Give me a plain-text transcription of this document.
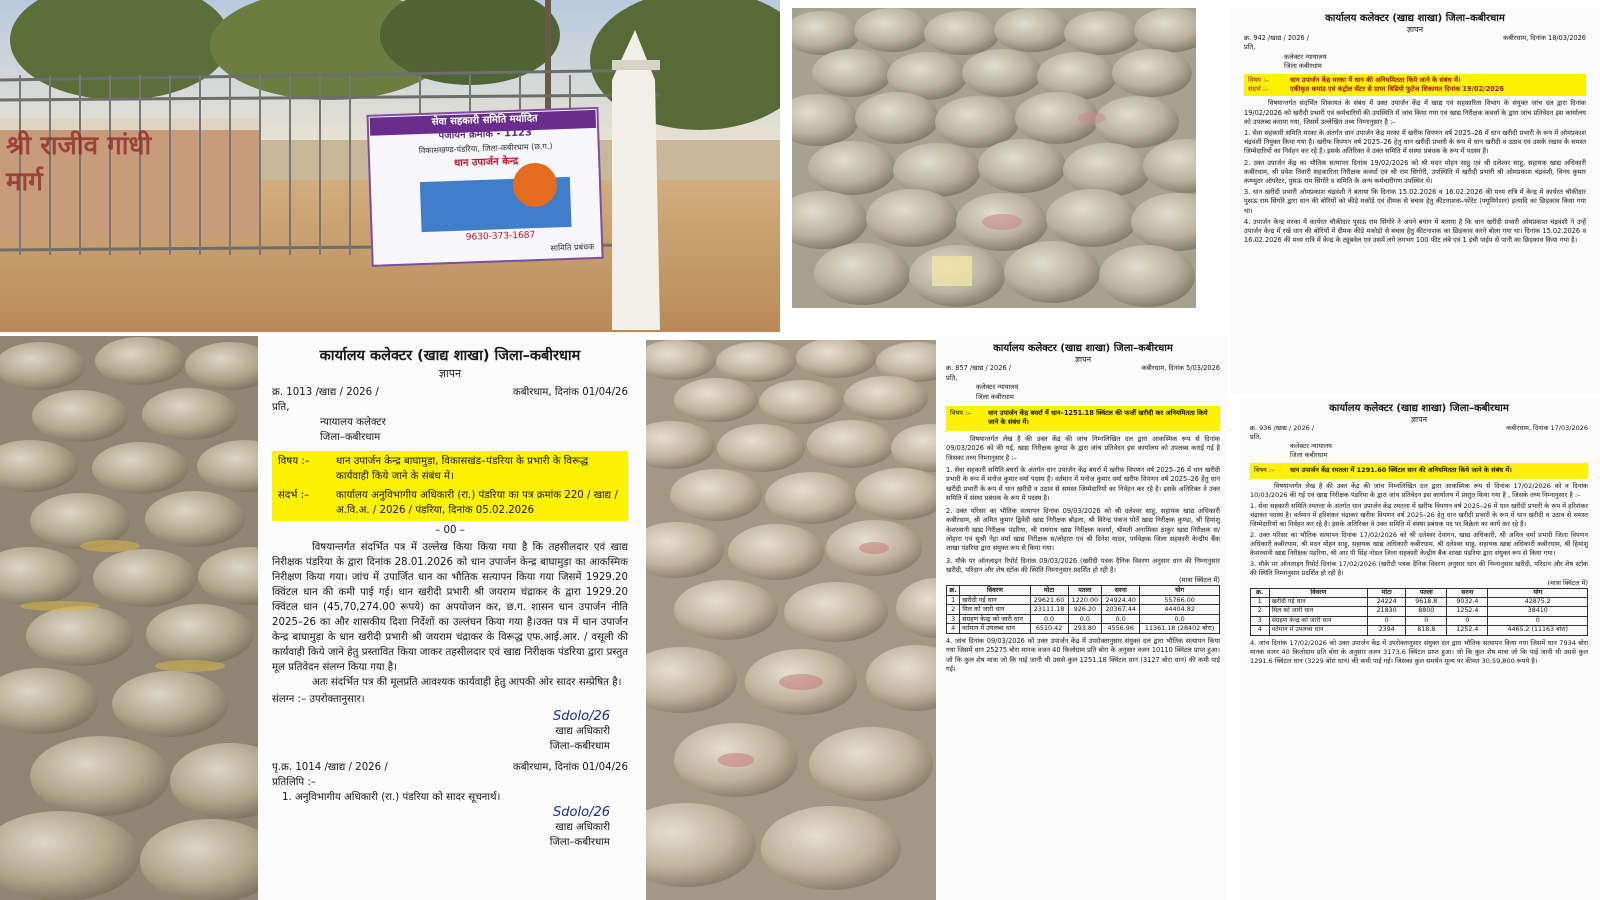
श्री राजीव गांधी
मार्ग
सेवा सहकारी समिति मर्यादित
पंजीयन क्रमांक - 1123
विकासखण्ड-पंडरिया, जिला-कबीरधाम (छ.ग.)
धान उपार्जन केन्द्र
9630-373-1687
सामिति प्रबंधक
कार्यालय कलेक्टर (खाद्य शाखा) जिला–कबीरधाम
ज्ञापन
क्र. 1013 /खाद्य / 2026 /	कबीरधाम, दिनांक 01/04/26
प्रति,
न्यायालय कलेक्टर
जिला–कबीरधाम
विषय :–	धान उपार्जन केन्द्र बाघामुड़ा, विकासखंड–पंडरिया के प्रभारी के विरूद्ध कार्यवाही किये जाने के संबंध में।
संदर्भ :–	कार्यालय अनुविभागीय अधिकारी (रा.) पंडरिया का पत्र क्रमांक 220 / खाद्य / अ.वि.अ. / 2026 / पंडरिया, दिनांक 05.02.2026
– 00 –

विषयान्तर्गत संदर्भित पत्र में उल्लेख किया किया गया है कि तहसीलदार एवं खाद्य निरीक्षक पंडरिया के द्वारा दिनांक 28.01.2026 को धान उपार्जन केन्द्र बाघामुड़ा का आकस्मिक निरीक्षण किया गया। जांच में उपार्जित धान का भौतिक सत्यापन किया गया जिसमें 1929.20 क्विंटल धान की कमी पाई गई। धान खरीदी प्रभारी श्री जयराम चंद्राकर के द्वारा 1929.20 क्विंटल धान (45,70,274.00 रूपये) का अपयोजन कर, छ.ग. शासन धान उपार्जन नीति 2025–26 का और शासकीय दिशा निर्देशों का उल्लंघन किया गया है।उक्त पत्र में धान उपार्जन केन्द्र बाघामुड़ा के धान खरीदी प्रभारी श्री जयराम चंद्राकर के विरूद्ध एफ.आई.आर. / वसूली की कार्यवाही किये जाने हेतु प्रस्तावित किया जाकर तहसीलदार एवं खाद्य निरीक्षक पंडरिया द्वारा प्रस्तुत मूल प्रतिवेदन संलग्न किया गया है।

अतः संदर्भित पत्र की मूलप्रति आवश्यक कार्यवाही हेतु आपकी ओर सादर सम्प्रेषित है।

संलग्न :– उपरोक्तानुसार।
Sdolo/26
खाद्य अधिकारी
जिला–कबीरधाम
पृ.क्र. 1014 /खाद्य / 2026 /	कबीरधाम, दिनांक 01/04/26
प्रतिलिपि :–
1. अनुविभागीय अधिकारी (रा.) पंडरिया को सादर सूचनार्थ।
Sdolo/26
खाद्य अधिकारी
जिला–कबीरधाम
कार्यालय कलेक्टर (खाद्य शाखा) जिला–कबीरधाम
ज्ञापन
क्र. 857 /खाद्य / 2026 /	कबीरधाम, दिनांक 5/03/2026
प्रति,
कलेक्टर न्यायालय
जिला कबीरधाम
विषय :–	धान उपार्जन केंद्र बघर्रा में धान–1251.18 क्विंटल की फर्जी खरीदी कर अनियमितता किये जाने के संबंध में।

विषयान्तर्गत लेख है की उक्त केंद्र की जांच निम्नलिखित दल द्वारा आकस्मिक रूप से दिनांक 09/03/2026 को की गई, खाद्य निरीक्षक कुण्डा के द्वारा जांच प्रतिवेदन इस कार्यालय को उपलब्ध कराई गई है जिसका तथ्य निम्नानुसार है :–

1. सेवा सहकारी समिति बघर्रा के अंतर्गत धान उपार्जन केंद्र बघर्रा में खरीफ विपणन वर्ष 2025–26 में धान खरीदी प्रभारी के रूप में मनोज कुमार वर्मा पदस्थ है। वर्तमान में मनोज कुमार वर्मा खरीफ विपणन वर्ष 2025–26 हेतु धान खरीदी प्रभारी के रूप में धान खरीदी व उठाव से समस्त जिम्मेदारियों का निर्वहन कर रहे है। इसके अतिरिक्त वे उक्त समिति में संस्था प्रबंधक के रूप में पदस्थ है।

2. उक्त परिसर का भौतिक सत्यापन दिनांक 09/03/2026 को श्री दलेश्वर साहु, सहायक खाद्य अधिकारी कबीरधाम, श्री अमित कुमार द्विवेदी खाद्य निरीक्षक बोड़ला, श्री विरेन्द्र पंकज पोर्ते खाद्य निरीक्षक कुण्डा, श्री हिमांशु केशरवानी खाद्य निरीक्षक पंडरिया, श्री रामनाथ खाद्य निरीक्षक कवर्धा, श्रीमती अनामिका ठाकुर खाद्य निरीक्षक स/लोहारा एवं सुश्री नेहा वर्मा खाद्य निरीक्षक स/लोहारा एवं श्री दिनेश यादव, पर्यवेक्षक जिला सहकारी केन्द्रीय बैंक शाखा पंडरिया द्वारा संयुक्त रूप से किया गया।

3. मौके पर ऑनलाइन रिपोर्ट दिनांक 09/03/2026 (खरीदी पत्रक दैनिक विवरण अनुसार धान की निम्नानुसार खरीदी, परिदान और शेष स्टॉक की स्थिति निम्नानुसार प्रदर्शित हो रही है।

(मात्रा क्विंटल में)
क्र.	विवरण	मोटा	पतला	सरना	योग
1	खरीदी गई धान	29621.60	1220.00	24924.40	55766.00
2	मिल को जारी धान	23111.18	926.20	20367.44	44404.82
3	संग्रहण केन्द्र को जारी धान	0.0	0.0	0.0	0.0
4	वर्तमान में उपलब्ध धान	6510.42	293.80	4556.96	11361.18 (28402 बोरा)

4. जांच दिनांक 09/03/2026 को उक्त उपार्जन केंद्र में उपरोक्तानुसार संयुक्त दल द्वारा भौतिक सत्यापन किया गया जिसमें धान 25275 बोरा मानक वजन 40 किलोग्राम प्रति बोरा के अनुसार वजन 10110 क्विंटल प्राप्त हुआ। जो कि कुल शेष मात्रा जो कि पाई जानी थी उससे कुल 1251.18 क्विंटल धान (3127 बोरा धान) की कमी पाई गई।

कार्यालय कलेक्टर (खाद्य शाखा) जिला–कबीरधाम
ज्ञापन
क्र. 942 /खाद्य / 2026 /	कबीरधाम, दिनांक 18/03/2026
प्रति,
कलेक्टर न्यायालय
जिला कबीरधाम
विषय :–	धान उपार्जन केंद्र मरका में धान की अनियमितता किये जाने के संबंध में।
संदर्भ :–	एकीकृत कमांड एवं कंट्रोल सेंटर से प्राप्त विडियो फुटेज शिकायत दिनांक 19/02/2026

विषयान्तर्गत संदर्भित शिकायत के संबंध में उक्त उपार्जन केंद्र में खाद्य एवं सहकारिता विभाग के संयुक्त जांच दल द्वारा दिनांक 19/02/2026 को खरीदी प्रभारी एवं कर्मचारियों की उपस्थिति में जांच किया गया एवं खाद्य निरीक्षक कवर्धा के द्वारा जांच प्रतिवेदन इस कार्यालय को उपलब्ध कराया गया, जिसमें उल्लेखित तथ्य निम्नानुसार है :–

1. सेवा सहकारी समिति मरका के अंतर्गत धान उपार्जन केंद्र मरका में खरीफ विपणन वर्ष 2025–26 में धान खरीदी प्रभारी के रूप में ओमप्रकाश चंद्रवंशी नियुक्त किया गया है। खरीफ विपणन वर्ष 2025–26 हेतु धान खरीदी प्रभारी के रूप में धान खरीदी व उठाव एवं उसके रखाव के समस्त जिम्मेदारियों का निर्वहन कर रहे है। इसके अतिरिक्त वे उक्त समिति में संस्था प्रबंधक के रूप में पदस्थ है।

2. उक्त उपार्जन केंद्र का भौतिक सत्यापन दिनांक 19/02/2026 को श्री मदन मोहन साहु एवं श्री दलेश्वर साहु, सहायक खाद्य अधिकारी कबीरधाम, श्री प्रवेश तिवारी सहकारिता निरीक्षक कवर्धा एवं श्री राम सिंगोरी, उपस्थिति में खरीदी प्रभारी श्री ओमप्रकाश चंद्रवंशी, विनय कुमार कम्प्युटर ऑपरेटर, पुसऊ राम सिंगोरे व समिति के अन्य कर्मचारीगण उपस्थित थे।

3. धान खरीदी प्रभारी ओमप्रकाश चंद्रवंशी ने बताया कि दिनांक 15.02.2026 व 16.02.2026 की मध्य रात्रि में केन्द्र में कार्यरत चौकीदार पुसऊ राम सिंगोरे द्वारा धान की बोरियों को कीड़े मकोड़े एवं दीमक से बचाव हेतु कीटनाशक–फोरेट (फ्यूमिगेशन) इत्यादि का छिड़काव किया गया था।

4. उपार्जन केन्द्र मरका में कार्यरत चौकीदार पुसऊ राम सिंगोरे ने अपने बयान में बताया है कि धान खरीदी प्रभारी ओमप्रकाश चंद्रवंशी ने उन्हें उपार्जन केन्द्र में रखे धान की बोरियों में दीमक कीड़े मकोड़ो से बचाव हेतु कीटनाशक का छिड़काव करने बोला गया था। दिनांक 15.02.2026 व 16.02.2026 की मध्य रात्रि में केन्द्र के ट्यूबवेल एवं उसमें लगे लगभग 100 फीट लंबे एवं 1 इंची पाईप से पानी का छिड़काव किया गया है।

कार्यालय कलेक्टर (खाद्य शाखा) जिला–कबीरधाम
ज्ञापन
क्र. 936 /खाद्य / 2026 /	कबीरधाम, दिनांक 17/03/2026
प्रति,
कलेक्टर न्यायालय
जिला कबीरधाम
विषय :–	धान उपार्जन केंद्र रमतला में 1291.60 क्विंटल धान की अनियमितता किये जाने के संबंध में।

विषयान्तर्गत लेख है की उक्त केंद्र की जांच निम्नलिखित दल द्वारा आकस्मिक रूप से दिनांक 17/02/2026 को व दिनांक 10/03/2026 की गई एवं खाद्य निरीक्षक पंडरिया के द्वारा जांच प्रतिवेदन इस कार्यालय में प्रस्तुत किया गया है , जिसके तथ्य निम्नानुसार है :–

1. सेवा सहकारी समिति रमतला के अंतर्गत धान उपार्जन केंद्र रमतला में खरीफ विपणन वर्ष 2025–26 में धान खरीदी प्रभारी के रूप में हरिशंकर चंद्राकर पदस्थ है। वर्तमान में हरिशंकर चंद्राकर खरीफ विपणन वर्ष 2025–26 हेतु धान खरीदी प्रभारी के रूप में धान खरीदी व उठाव से समस्त जिम्मेदारियों का निर्वहन कर रहे है। इसके अतिरिक्त वे उक्त समिति में संस्था प्रबंधक पद पर विक्रेता का कार्य कर रहे है।

2. उक्त परिसर का भौतिक सत्यापन दिनांक 17/02/2026 को श्री दलेश्वर देवांगन, खाद्य अधिकारी, श्री अनिल वर्मा प्रभारी जिला विपणन अधिकारी कबीरधाम, श्री मदन मोहन साहु, सहायक खाद्य अधिकारी कबीरधाम, श्री दलेश्वर साहु, सहायक खाद्य अधिकारी कबीरधाम, श्री हिमांशु केशरवानी खाद्य निरीक्षक पंडरिया, श्री आर पी सिंह नोडल जिला सहकारी केन्द्रीय बैंक शाखा पंडरिया द्वारा संयुक्त रूप से किया गया।

3. मौके पर ऑनलाइन रिपोर्ट दिनांक 17/02/2026 (खरीदी पत्रक दैनिक विवरण अनुसार धान की निम्नानुसार खरीदी, परिदान और शेष स्टॉक की स्थिति निम्नानुसार प्रदर्शित हो रही है।

(मात्रा क्विंटल में)
क्र.	विवरण	मोटा	पतला	सरना	योग
1	खरीदी गई धान	24224	9618.8	9032.4	42875.2
2	मिल को जारी धान	21830	8800	1252.4	38410
3	संग्रहण केन्द्र को जारी धान	0	0	0	0
4	वर्तमान में उपलब्ध धान	2394	818.8	1252.4	4465.2 (11163 बोरा)

4. जांच दिनांक 17/02/2026 को उक्त उपार्जन केंद्र में उपरोक्तानुसार संयुक्त दल द्वारा भौतिक सत्यापन किया गया जिसमें धान 7934 बोरा मानक वजन 40 किलोग्राम प्रति बोरा के अनुसार वजन 3173.6 क्विंटल प्राप्त हुआ। जो कि कुल शेष मात्रा जो कि पाई जानी थी उससे कुल 1291.6 क्विंटल धान (3229 बोरा धान) की कमी पाई गई। जिसका कुल समर्थन मूल्य पर कीमत 30,59,800 रूपये है।
